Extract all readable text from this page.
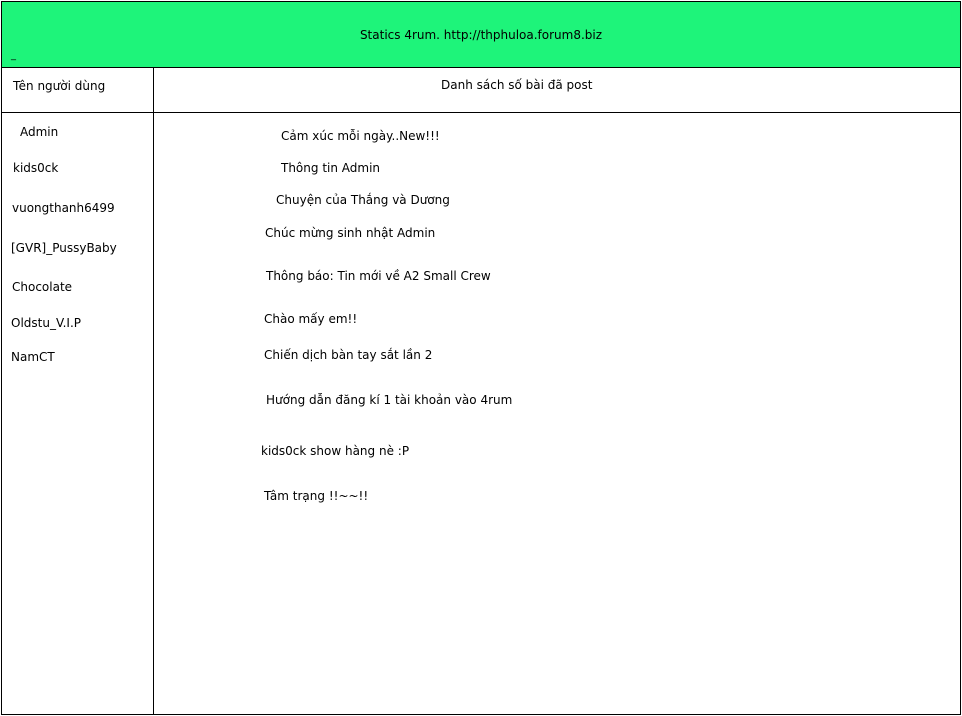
Statics 4rum. http://thphuloa.forum8.biz
_
Tên người dùng	Danh sách số bài đã post
Admin
kids0ck
vuongthanh6499
[GVR]_PussyBaby
Chocolate
Oldstu_V.I.P
NamCT
Cảm xúc mỗi ngày..New!!!
Thông tin Admin
Chuyện của Thắng và Dương
Chúc mừng sinh nhật Admin
Thông báo: Tin mới về A2 Small Crew
Chào mấy em!!
Chiến dịch bàn tay sắt lần 2
Hướng dẫn đăng kí 1 tài khoản vào 4rum
kids0ck show hàng nè :P
Tâm trạng !!~~!!
